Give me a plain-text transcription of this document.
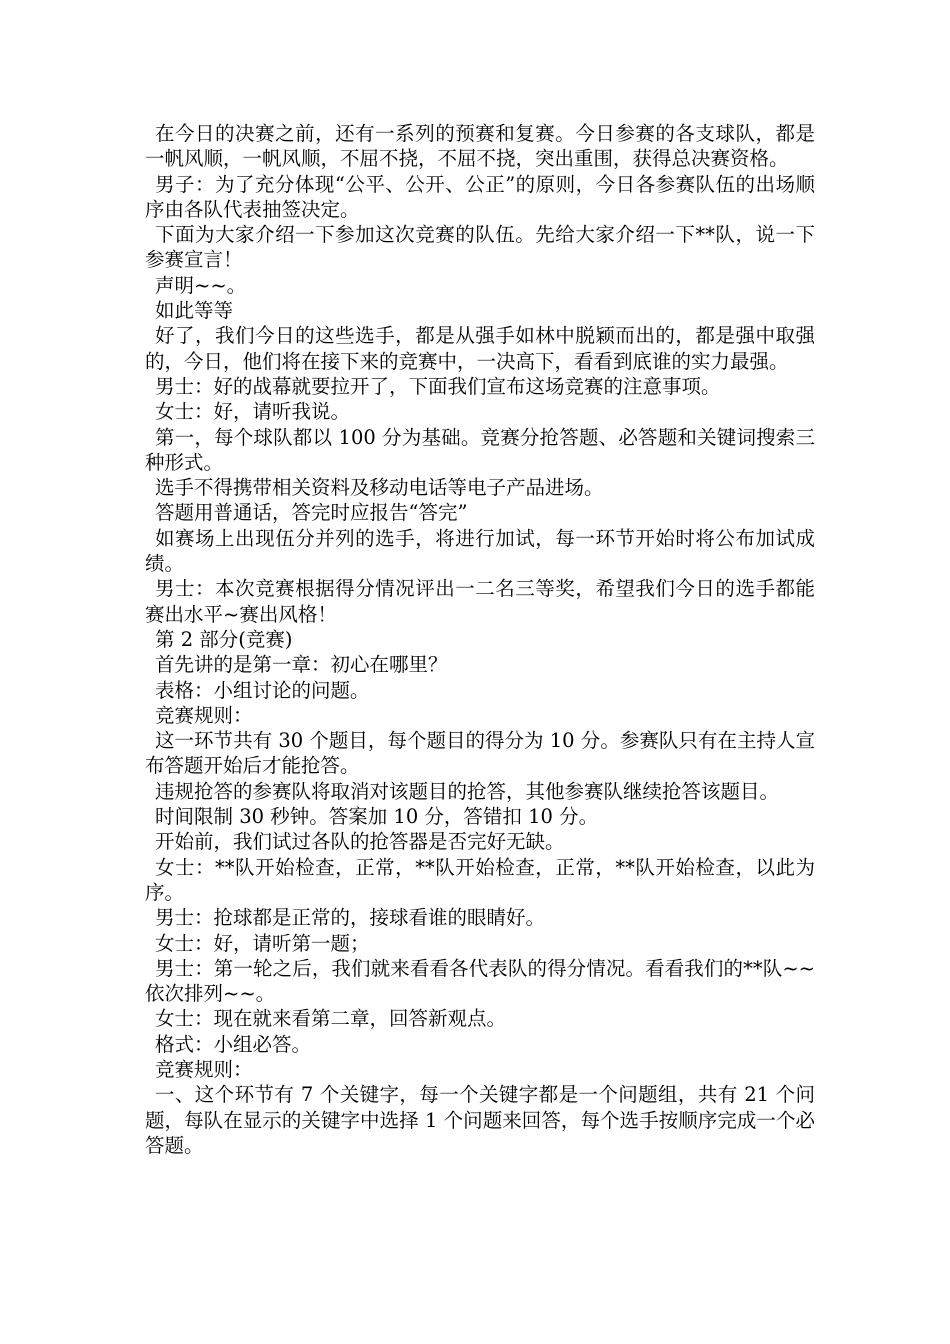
在今日的决赛之前，还有一系列的预赛和复赛。今日参赛的各支球队，都是一帆风顺，一帆风顺，不屈不挠，不屈不挠，突出重围，获得总决赛资格。

男子：为了充分体现“公平、公开、公正”的原则，今日各参赛队伍的出场顺序由各队代表抽签决定。

下面为大家介绍一下参加这次竞赛的队伍。先给大家介绍一下**队，说一下参赛宣言！

声明~~。

如此等等

好了，我们今日的这些选手，都是从强手如林中脱颖而出的，都是强中取强的，今日，他们将在接下来的竞赛中，一决高下，看看到底谁的实力最强。

男士：好的战幕就要拉开了，下面我们宣布这场竞赛的注意事项。

女士：好，请听我说。

第一，每个球队都以 100 分为基础。竞赛分抢答题、必答题和关键词搜索三种形式。

选手不得携带相关资料及移动电话等电子产品进场。

答题用普通话，答完时应报告“答完”

如赛场上出现伍分并列的选手，将进行加试，每一环节开始时将公布加试成绩。

男士：本次竞赛根据得分情况评出一二名三等奖，希望我们今日的选手都能赛出水平~赛出风格！

第 2 部分(竞赛)

首先讲的是第一章：初心在哪里？

表格：小组讨论的问题。

竞赛规则：

这一环节共有 30 个题目，每个题目的得分为 10 分。参赛队只有在主持人宣布答题开始后才能抢答。

违规抢答的参赛队将取消对该题目的抢答，其他参赛队继续抢答该题目。

时间限制 30 秒钟。答案加 10 分，答错扣 10 分。

开始前，我们试过各队的抢答器是否完好无缺。

女士：**队开始检查，正常，**队开始检查，正常，**队开始检查，以此为序。

男士：抢球都是正常的，接球看谁的眼睛好。

女士：好，请听第一题；

男士：第一轮之后，我们就来看看各代表队的得分情况。看看我们的**队~~依次排列~~。

女士：现在就来看第二章，回答新观点。

格式：小组必答。

竞赛规则：

一、这个环节有 7 个关键字，每一个关键字都是一个问题组，共有 21 个问题，每队在显示的关键字中选择 1 个问题来回答，每个选手按顺序完成一个必答题。
